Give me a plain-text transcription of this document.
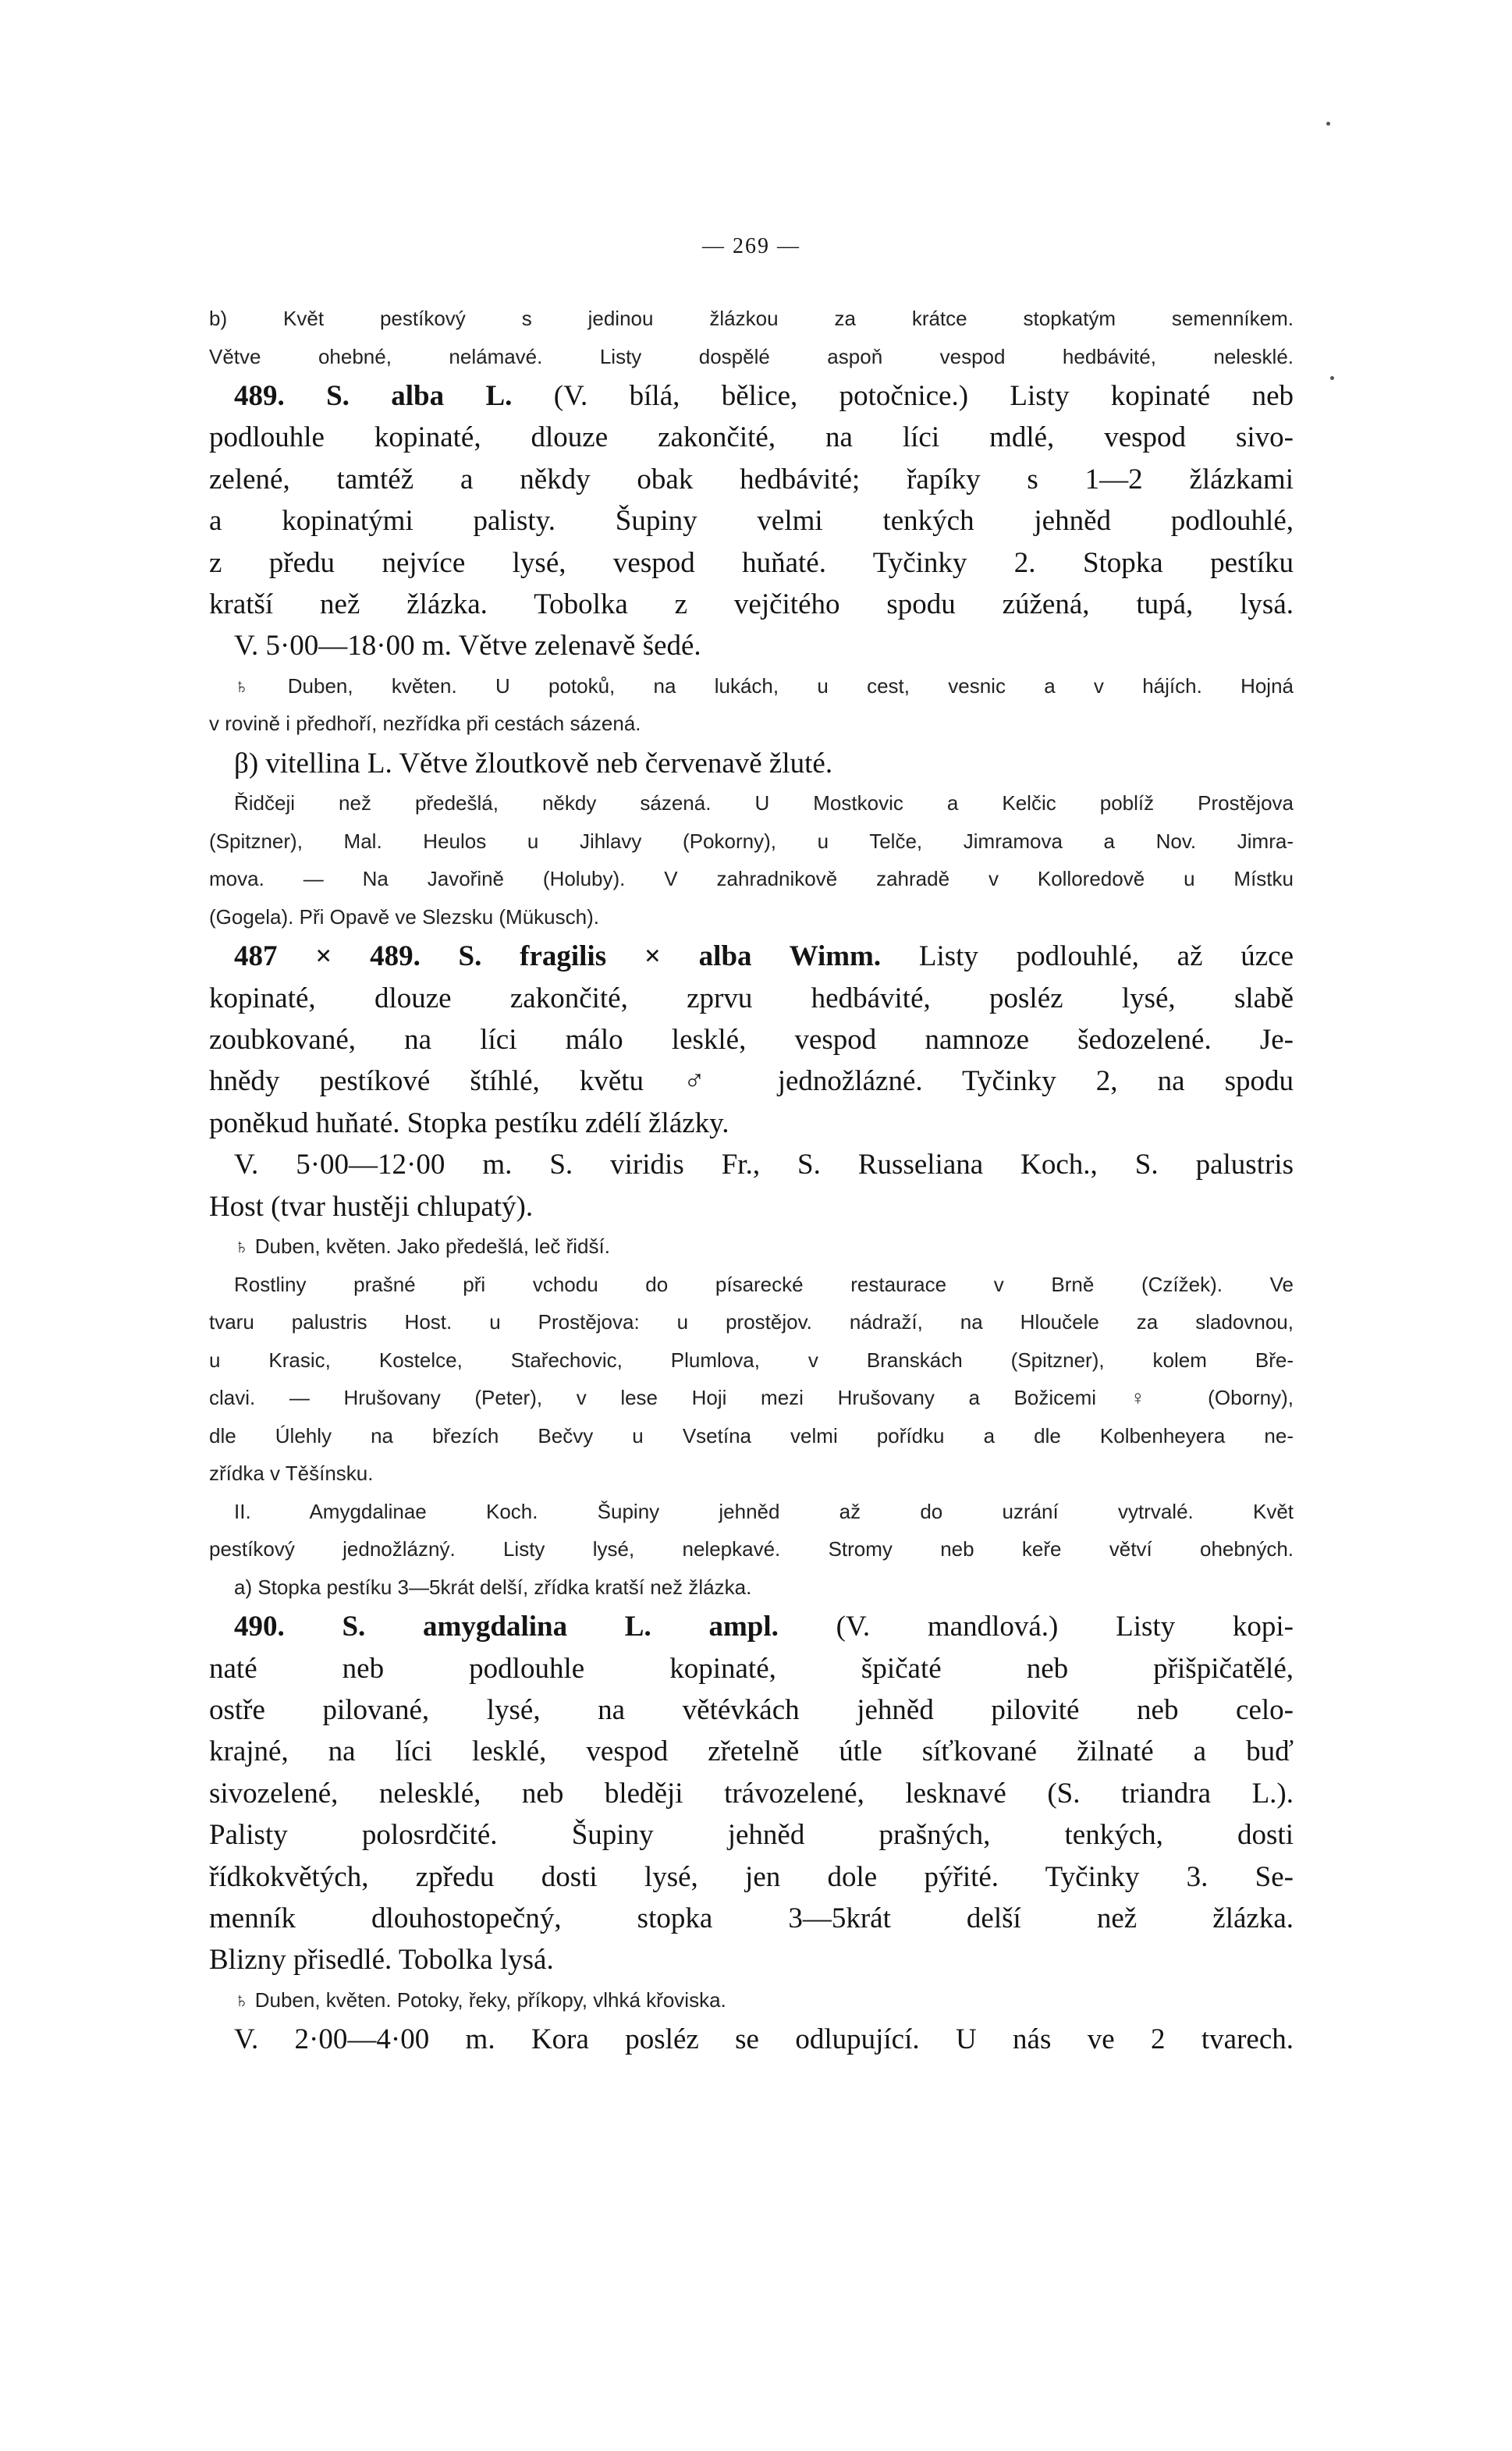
— 269 —

b) Květ pestíkový s jedinou žlázkou za krátce stopkatým semenníkem.

Větve ohebné, nelámavé. Listy dospělé aspoň vespod hedbávité, nelesklé.

489. S. alba L. (V. bílá, bělice, potočnice.) Listy kopinaté neb

podlouhle kopinaté, dlouze zakončité, na líci mdlé, vespod sivo-

zelené, tamtéž a někdy obak hedbávité; řapíky s 1—2 žlázkami

a kopinatými palisty. Šupiny velmi tenkých jehněd podlouhlé,

z předu nejvíce lysé, vespod huňaté. Tyčinky 2. Stopka pestíku

kratší než žlázka. Tobolka z vejčitého spodu zúžená, tupá, lysá.

V. 5·00—18·00 m. Větve zelenavě šedé.

♄ Duben, květen. U potoků, na lukách, u cest, vesnic a v hájích. Hojná

v rovině i předhoří, nezřídka při cestách sázená.

β) vitellina L. Větve žloutkově neb červenavě žluté.

Řidčeji než předešlá, někdy sázená. U Mostkovic a Kelčic poblíž Prostějova

(Spitzner), Mal. Heulos u Jihlavy (Pokorny), u Telče, Jimramova a Nov. Jimra-

mova. — Na Javořině (Holuby). V zahradnikově zahradě v Kolloredově u Místku

(Gogela). Při Opavě ve Slezsku (Mükusch).

487 × 489. S. fragilis × alba Wimm. Listy podlouhlé, až úzce

kopinaté, dlouze zakončité, zprvu hedbávité, posléz lysé, slabě

zoubkované, na líci málo lesklé, vespod namnoze šedozelené. Je-

hnědy pestíkové štíhlé, květu ♂ jednožlázné. Tyčinky 2, na spodu

poněkud huňaté. Stopka pestíku zdélí žlázky.

V. 5·00—12·00 m. S. viridis Fr., S. Russeliana Koch., S. palustris

Host (tvar hustěji chlupatý).

♄ Duben, květen. Jako předešlá, leč řidší.

Rostliny prašné při vchodu do písarecké restaurace v Brně (Czížek). Ve

tvaru palustris Host. u Prostějova: u prostějov. nádraží, na Hloučele za sladovnou,

u Krasic, Kostelce, Stařechovic, Plumlova, v Branskách (Spitzner), kolem Bře-

clavi. — Hrušovany (Peter), v lese Hoji mezi Hrušovany a Božicemi ♀ (Oborny),

dle Úlehly na březích Bečvy u Vsetína velmi pořídku a dle Kolbenheyera ne-

zřídka v Těšínsku.

II. Amygdalinae Koch. Šupiny jehněd až do uzrání vytrvalé. Květ

pestíkový jednožlázný. Listy lysé, nelepkavé. Stromy neb keře větví ohebných.

a) Stopka pestíku 3—5krát delší, zřídka kratší než žlázka.

490. S. amygdalina L. ampl. (V. mandlová.) Listy kopi-

naté neb podlouhle kopinaté, špičaté neb přišpičatělé,

ostře pilované, lysé, na větévkách jehněd pilovité neb celo-

krajné, na líci lesklé, vespod zřetelně útle síťkované žilnaté a buď

sivozelené, nelesklé, neb bleději trávozelené, lesknavé (S. triandra L.).

Palisty polosrdčité. Šupiny jehněd prašných, tenkých, dosti

řídkokvětých, zpředu dosti lysé, jen dole pýřité. Tyčinky 3. Se-

menník dlouhostopečný, stopka 3—5krát delší než žlázka.

Blizny přisedlé. Tobolka lysá.

♄ Duben, květen. Potoky, řeky, příkopy, vlhká křoviska.

V. 2·00—4·00 m. Kora posléz se odlupující. U nás ve 2 tvarech.
